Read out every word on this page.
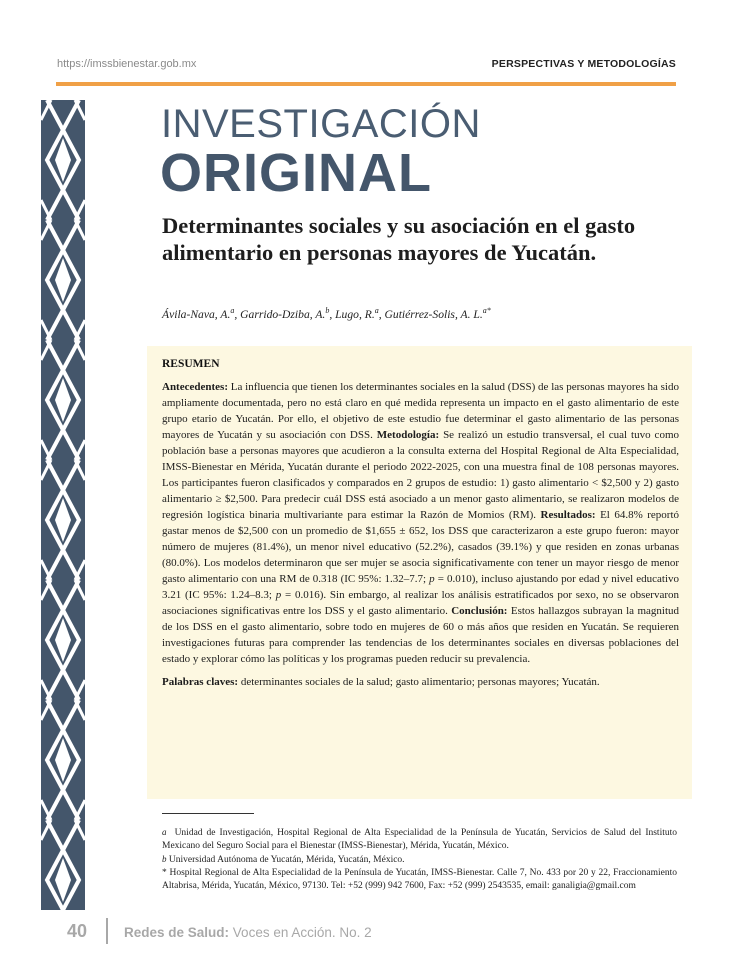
https://imssbienestar.gob.mx	PERSPECTIVAS Y METODOLOGÍAS
INVESTIGACIÓN
ORIGINAL
Determinantes sociales y su asociación en el gasto alimentario en personas mayores de Yucatán.
Ávila-Nava, A.$^a$, Garrido-Dziba, A.$^b$, Lugo, R.$^a$, Gutiérrez-Solis, A. L.$^{a*}$
RESUMEN

Antecedentes: La influencia que tienen los determinantes sociales en la salud (DSS) de las personas mayores ha sido ampliamente documentada, pero no está claro en qué medida representa un impacto en el gasto alimentario de este grupo etario de Yucatán. Por ello, el objetivo de este estudio fue determinar el gasto alimentario de las personas mayores de Yucatán y su asociación con DSS. Metodología: Se realizó un estudio transversal, el cual tuvo como población base a personas mayores que acudieron a la consulta externa del Hospital Regional de Alta Especialidad, IMSS-Bienestar en Mérida, Yucatán durante el periodo 2022-2025, con una muestra final de 108 personas mayores. Los participantes fueron clasificados y comparados en 2 grupos de estudio: 1) gasto alimentario < $2,500 y 2) gasto alimentario ≥ $2,500. Para predecir cuál DSS está asociado a un menor gasto alimentario, se realizaron modelos de regresión logística binaria multivariante para estimar la Razón de Momios (RM). Resultados: El 64.8% reportó gastar menos de $2,500 con un promedio de $1,655 ± 652, los DSS que caracterizaron a este grupo fueron: mayor número de mujeres (81.4%), un menor nivel educativo (52.2%), casados (39.1%) y que residen en zonas urbanas (80.0%). Los modelos determinaron que ser mujer se asocia significativamente con tener un mayor riesgo de menor gasto alimentario con una RM de 0.318 (IC 95%: 1.32–7.7; p = 0.010), incluso ajustando por edad y nivel educativo 3.21 (IC 95%: 1.24–8.3; p = 0.016). Sin embargo, al realizar los análisis estratificados por sexo, no se observaron asociaciones significativas entre los DSS y el gasto alimentario. Conclusión: Estos hallazgos subrayan la magnitud de los DSS en el gasto alimentario, sobre todo en mujeres de 60 o más años que residen en Yucatán. Se requieren investigaciones futuras para comprender las tendencias de los determinantes sociales en diversas poblaciones del estado y explorar cómo las políticas y los programas pueden reducir su prevalencia.

Palabras claves: determinantes sociales de la salud; gasto alimentario; personas mayores; Yucatán.

a Unidad de Investigación, Hospital Regional de Alta Especialidad de la Península de Yucatán, Servicios de Salud del Instituto Mexicano del Seguro Social para el Bienestar (IMSS-Bienestar), Mérida, Yucatán, México.

b Universidad Autónoma de Yucatán, Mérida, Yucatán, México.

* Hospital Regional de Alta Especialidad de la Península de Yucatán, IMSS-Bienestar. Calle 7, No. 433 por 20 y 22, Fraccionamiento Altabrisa, Mérida, Yucatán, México, 97130. Tel: +52 (999) 942 7600, Fax: +52 (999) 2543535, email: ganaligia@gmail.com

40	Redes de Salud: Voces en Acción. No. 2
